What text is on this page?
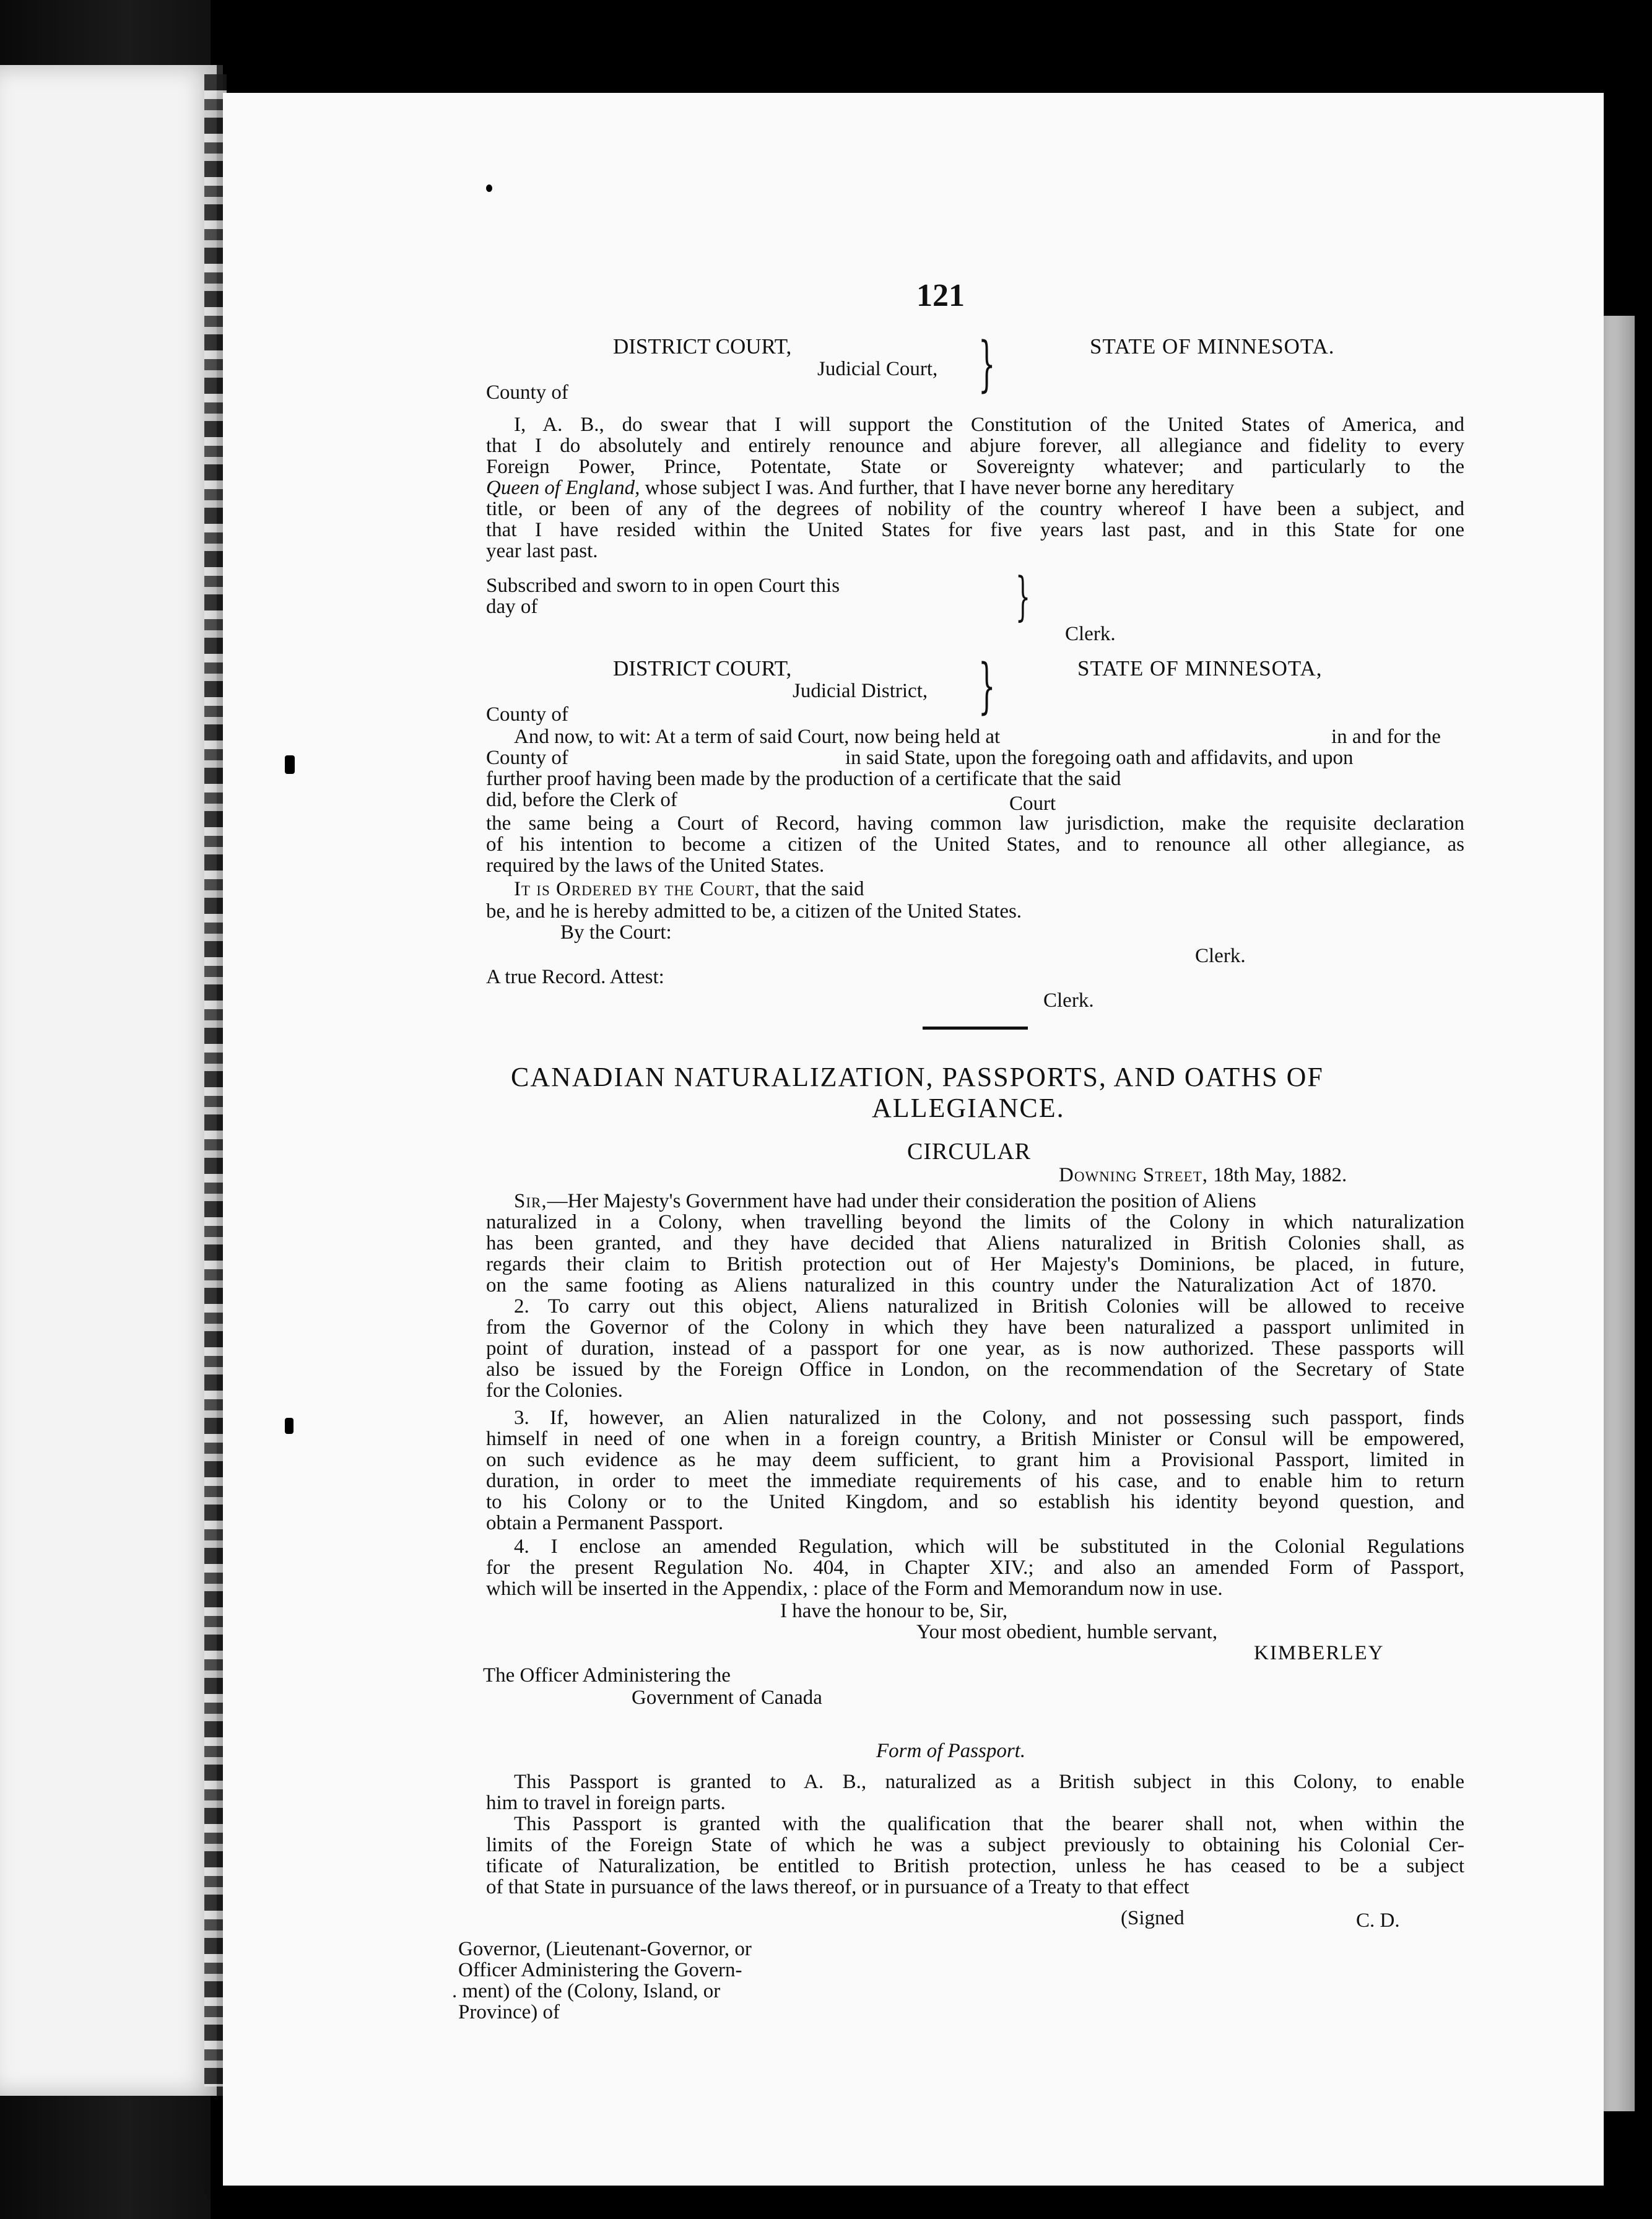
121
DISTRICT COURT,
Judicial Court, }	STATE OF MINNESOTA.
County of
I, A. B., do swear that I will support the Constitution of the United States of America, and
that I do absolutely and entirely renounce and abjure forever, all allegiance and fidelity to every
Foreign Power, Prince, Potentate, State or Sovereignty whatever; and particularly to the
Queen of England, whose subject I was. And further, that I have never borne any hereditary
title, or been of any of the degrees of nobility of the country whereof I have been a subject, and
that I have resided within the United States for five years last past, and in this State for one
year last past.
Subscribed and sworn to in open Court this
day of	}
Clerk.
DISTRICT COURT,
Judicial District, }	STATE OF MINNESOTA,
County of
And now, to wit: At a term of said Court, now being held at	in and for the
County of	in said State, upon the foregoing oath and affidavits, and upon
further proof having been made by the production of a certificate that the said
did, before the Clerk of	Court
the same being a Court of Record, having common law jurisdiction, make the requisite declaration
of his intention to become a citizen of the United States, and to renounce all other allegiance, as
required by the laws of the United States.
It is Ordered by the Court, that the said
be, and he is hereby admitted to be, a citizen of the United States.
By the Court:
Clerk.
A true Record. Attest:
Clerk.
CANADIAN NATURALIZATION, PASSPORTS, AND OATHS OF
ALLEGIANCE.
CIRCULAR
Downing Street, 18th May, 1882.
Sir,—Her Majesty's Government have had under their consideration the position of Aliens
naturalized in a Colony, when travelling beyond the limits of the Colony in which naturalization
has been granted, and they have decided that Aliens naturalized in British Colonies shall, as
regards their claim to British protection out of Her Majesty's Dominions, be placed, in future,
on the same footing as Aliens naturalized in this country under the Naturalization Act of 1870.
2. To carry out this object, Aliens naturalized in British Colonies will be allowed to receive
from the Governor of the Colony in which they have been naturalized a passport unlimited in
point of duration, instead of a passport for one year, as is now authorized. These passports will
also be issued by the Foreign Office in London, on the recommendation of the Secretary of State
for the Colonies.
3. If, however, an Alien naturalized in the Colony, and not possessing such passport, finds
himself in need of one when in a foreign country, a British Minister or Consul will be empowered,
on such evidence as he may deem sufficient, to grant him a Provisional Passport, limited in
duration, in order to meet the immediate requirements of his case, and to enable him to return
to his Colony or to the United Kingdom, and so establish his identity beyond question, and
obtain a Permanent Passport.
4. I enclose an amended Regulation, which will be substituted in the Colonial Regulations
for the present Regulation No. 404, in Chapter XIV.; and also an amended Form of Passport,
which will be inserted in the Appendix, : place of the Form and Memorandum now in use.
I have the honour to be, Sir,
Your most obedient, humble servant,
KIMBERLEY
The Officer Administering the
Government of Canada
Form of Passport.
This Passport is granted to A. B., naturalized as a British subject in this Colony, to enable
him to travel in foreign parts.
This Passport is granted with the qualification that the bearer shall not, when within the
limits of the Foreign State of which he was a subject previously to obtaining his Colonial Cer-
tificate of Naturalization, be entitled to British protection, unless he has ceased to be a subject
of that State in pursuance of the laws thereof, or in pursuance of a Treaty to that effect
(Signed	C. D.
Governor, (Lieutenant-Governor, or
Officer Administering the Govern-
. ment) of the (Colony, Island, or
Province) of
